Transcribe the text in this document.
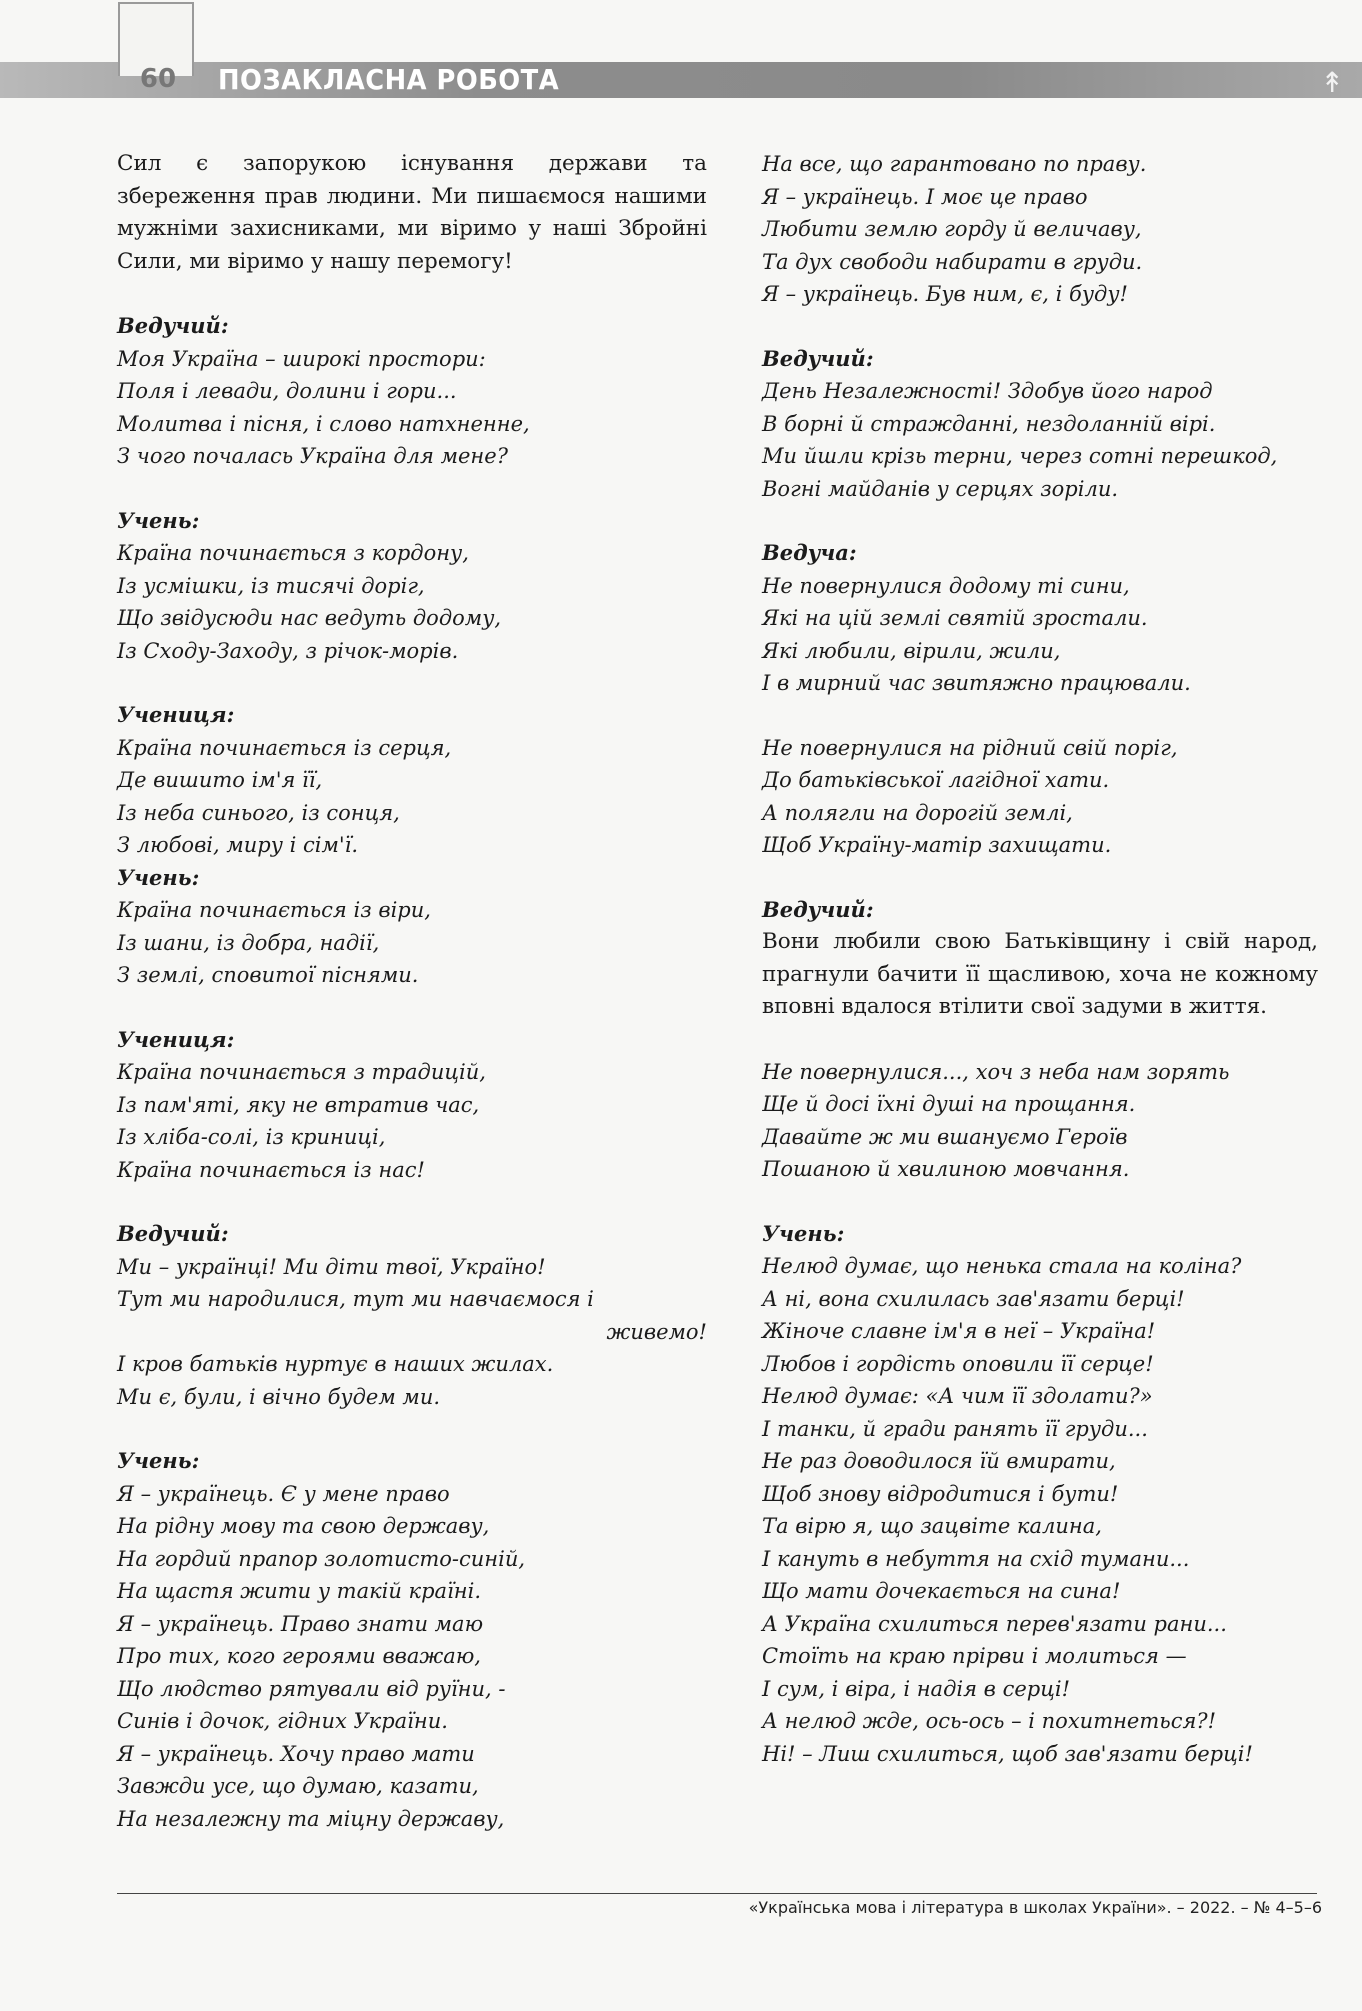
60	ПОЗАКЛАСНА РОБОТА	↟

Сил є запорукою існування держави та збереження прав людини. Ми пишаємося нашими мужніми захисниками, ми віримо у наші Збройні Сили, ми віримо у нашу перемогу!

Ведучий:

Моя Україна – широкі простори:

Поля і левади, долини і гори...

Молитва і пісня, і слово натхненне,

З чого почалась Україна для мене?

Учень:

Країна починається з кордону,

Із усмішки, із тисячі доріг,

Що звідусюди нас ведуть додому,

Із Сходу-Заходу, з річок-морів.

Учениця:

Країна починається із серця,

Де вишито ім'я її,

Із неба синього, із сонця,

З любові, миру і сім'ї.

Учень:

Країна починається із віри,

Із шани, із добра, надії,

З землі, сповитої піснями.

Учениця:

Країна починається з традицій,

Із пам'яті, яку не втратив час,

Із хліба-солі, із криниці,

Країна починається із нас!

Ведучий:

Ми – українці! Ми діти твої, Україно!

Тут ми народилися, тут ми навчаємося і

живемо!

І кров батьків нуртує в наших жилах.

Ми є, були, і вічно будем ми.

Учень:

Я – українець. Є у мене право

На рідну мову та свою державу,

На гордий прапор золотисто-синій,

На щастя жити у такій країні.

Я – українець. Право знати маю

Про тих, кого героями вважаю,

Що людство рятували від руїни, -

Синів і дочок, гідних України.

Я – українець. Хочу право мати

Завжди усе, що думаю, казати,

На незалежну та міцну державу,

На все, що гарантовано по праву.

Я – українець. І моє це право

Любити землю горду й величаву,

Та дух свободи набирати в груди.

Я – українець. Був ним, є, і буду!

Ведучий:

День Незалежності! Здобув його народ

В борні й стражданні, нездоланній вірі.

Ми йшли крізь терни, через сотні перешкод,

Вогні майданів у серцях зоріли.

Ведуча:

Не повернулися додому ті сини,

Які на цій землі святій зростали.

Які любили, вірили, жили,

І в мирний час звитяжно працювали.

Не повернулися на рідний свій поріг,

До батьківської лагідної хати.

А полягли на дорогій землі,

Щоб Україну-матір захищати.

Ведучий:

Вони любили свою Батьківщину і свій народ, прагнули бачити її щасливою, хоча не кожному вповні вдалося втілити свої задуми в життя.

Не повернулися..., хоч з неба нам зорять

Ще й досі їхні душі на прощання.

Давайте ж ми вшануємо Героїв

Пошаною й хвилиною мовчання.

Учень:

Нелюд думає, що ненька стала на коліна?

А ні, вона схилилась зав'язати берці!

Жіноче славне ім'я в неї – Україна!

Любов і гордість оповили її серце!

Нелюд думає: «А чим її здолати?»

І танки, й гради ранять її груди...

Не раз доводилося їй вмирати,

Щоб знову відродитися і бути!

Та вірю я, що зацвіте калина,

І кануть в небуття на схід тумани...

Що мати дочекається на сина!

А Україна схилиться перев'язати рани...

Стоїть на краю прірви і молиться —

І сум, і віра, і надія в серці!

А нелюд жде, ось-ось – і похитнеться?!

Ні! – Лиш схилиться, щоб зав'язати берці!

«Українська мова і література в школах України». – 2022. – № 4–5–6
